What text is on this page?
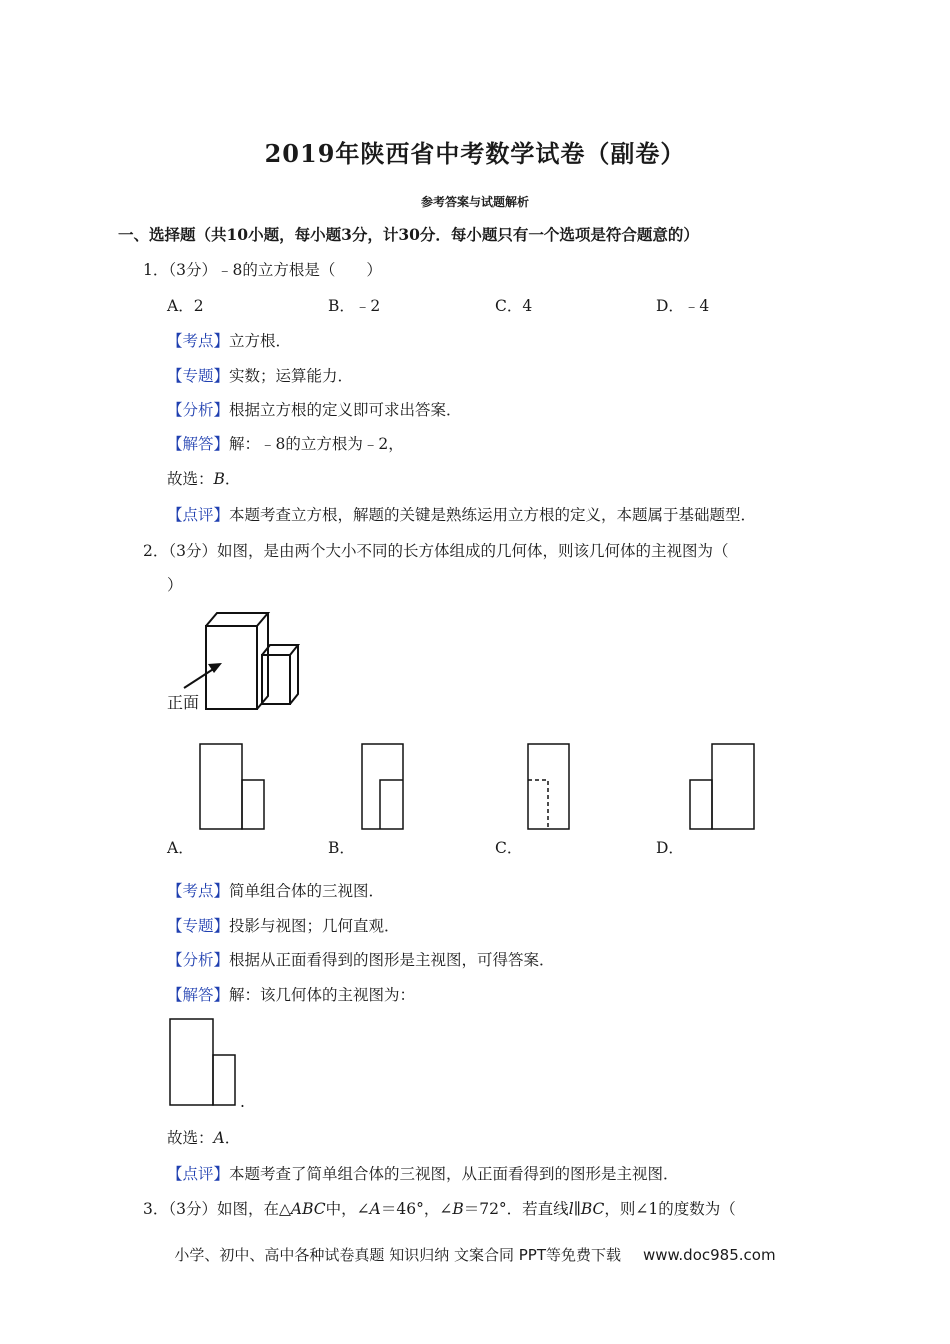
2019年陕西省中考数学试卷（副卷）
参考答案与试题解析
一、选择题（共10小题，每小题3分，计30分．每小题只有一个选项是符合题意的）
1．（3分）﹣8的立方根是（　　）
A．2	B．﹣2	C．4	D．﹣4
【考点】立方根．
【专题】实数；运算能力．
【分析】根据立方根的定义即可求出答案．
【解答】解：﹣8的立方根为﹣2，
故选：B．
【点评】本题考查立方根，解题的关键是熟练运用立方根的定义，本题属于基础题型．
2．（3分）如图，是由两个大小不同的长方体组成的几何体，则该几何体的主视图为（
）
正面
A．	B．	C．	D．
【考点】简单组合体的三视图．
【专题】投影与视图；几何直观．
【分析】根据从正面看得到的图形是主视图，可得答案．
【解答】解：该几何体的主视图为：
.
故选：A．
【点评】本题考查了简单组合体的三视图，从正面看得到的图形是主视图．
3．（3分）如图，在△ABC中，∠A＝46°，∠B＝72°．若直线l∥BC，则∠1的度数为（
小学、初中、高中各种试卷真题 知识归纳 文案合同 PPT等免费下载 www.doc985.com
